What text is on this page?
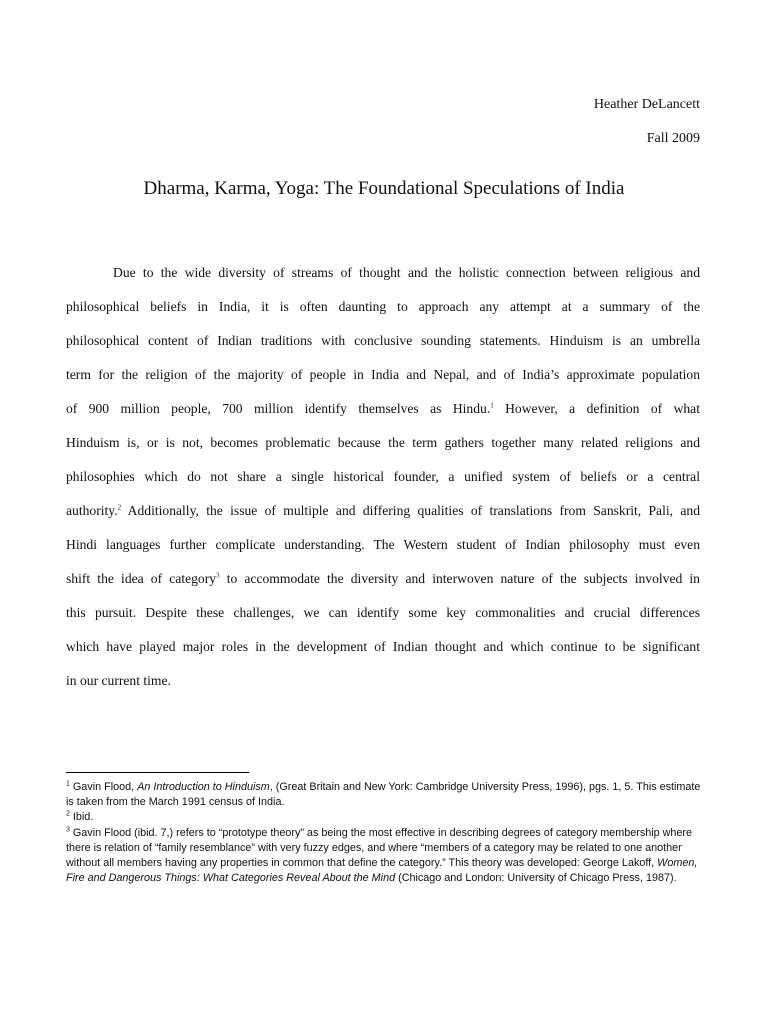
Heather DeLancett
Fall 2009
Dharma, Karma, Yoga: The Foundational Speculations of India
Due to the wide diversity of streams of thought and the holistic connection between religious and
philosophical beliefs in India, it is often daunting to approach any attempt at a summary of the
philosophical content of Indian traditions with conclusive sounding statements. Hinduism is an umbrella
term for the religion of the majority of people in India and Nepal, and of India’s approximate population
of 900 million people, 700 million identify themselves as Hindu.$^1$ However, a definition of what
Hinduism is, or is not, becomes problematic because the term gathers together many related religions and
philosophies which do not share a single historical founder, a unified system of beliefs or a central
authority.$^2$ Additionally, the issue of multiple and differing qualities of translations from Sanskrit, Pali, and
Hindi languages further complicate understanding. The Western student of Indian philosophy must even
shift the idea of category$^3$ to accommodate the diversity and interwoven nature of the subjects involved in
this pursuit. Despite these challenges, we can identify some key commonalities and crucial differences
which have played major roles in the development of Indian thought and which continue to be significant
in our current time.
$^1$ Gavin Flood, An Introduction to Hinduism, (Great Britain and New York: Cambridge University Press, 1996), pgs. 1, 5. This estimate is taken from the March 1991 census of India.
$^2$ Ibid.
$^3$ Gavin Flood (ibid. 7,) refers to “prototype theory” as being the most effective in describing degrees of category membership where there is relation of “family resemblance” with very fuzzy edges, and where “members of a category may be related to one another without all members having any properties in common that define the category.” This theory was developed: George Lakoff, Women, Fire and Dangerous Things: What Categories Reveal About the Mind (Chicago and London: University of Chicago Press, 1987).
